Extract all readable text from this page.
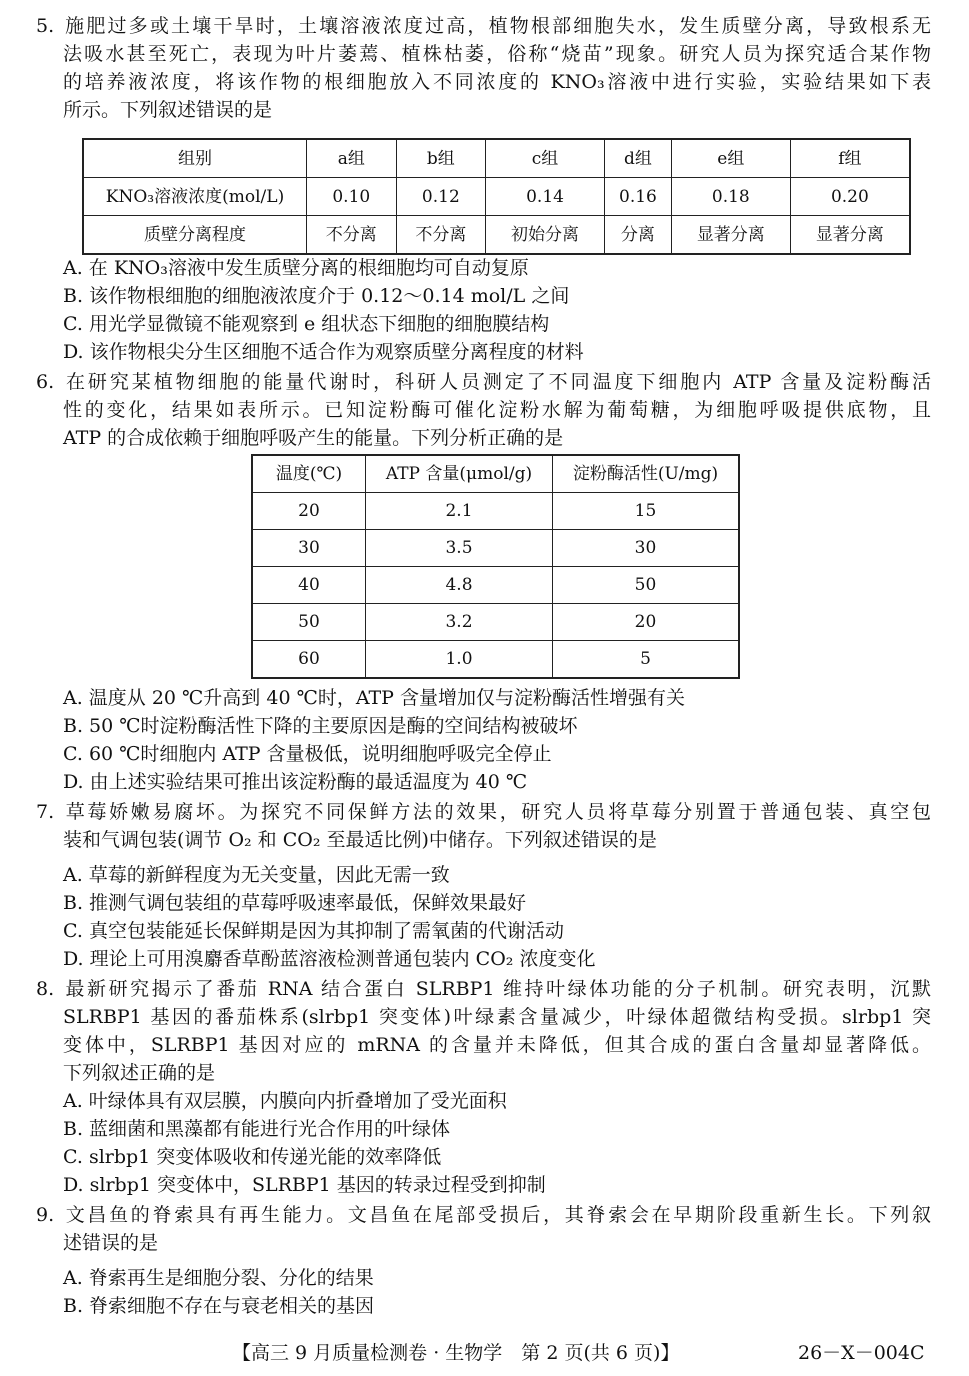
5. 施肥过多或土壤干旱时，土壤溶液浓度过高，植物根部细胞失水，发生质壁分离，导致根系无
法吸水甚至死亡，表现为叶片萎蔫、植株枯萎，俗称“烧苗”现象。研究人员为探究适合某作物
的培养液浓度，将该作物的根细胞放入不同浓度的 KNO₃溶液中进行实验，实验结果如下表
所示。下列叙述错误的是
组别	a组	b组	c组	d组	e组	f组
KNO₃溶液浓度(mol/L)	0.10	0.12	0.14	0.16	0.18	0.20
质壁分离程度	不分离	不分离	初始分离	分离	显著分离	显著分离
A. 在 KNO₃溶液中发生质壁分离的根细胞均可自动复原
B. 该作物根细胞的细胞液浓度介于 0.12～0.14 mol/L 之间
C. 用光学显微镜不能观察到 e 组状态下细胞的细胞膜结构
D. 该作物根尖分生区细胞不适合作为观察质壁分离程度的材料
6. 在研究某植物细胞的能量代谢时，科研人员测定了不同温度下细胞内 ATP 含量及淀粉酶活
性的变化，结果如表所示。已知淀粉酶可催化淀粉水解为葡萄糖，为细胞呼吸提供底物，且
ATP 的合成依赖于细胞呼吸产生的能量。下列分析正确的是
温度(℃)	ATP 含量(μmol/g)	淀粉酶活性(U/mg)
20	2.1	15
30	3.5	30
40	4.8	50
50	3.2	20
60	1.0	5
A. 温度从 20 ℃升高到 40 ℃时，ATP 含量增加仅与淀粉酶活性增强有关
B. 50 ℃时淀粉酶活性下降的主要原因是酶的空间结构被破坏
C. 60 ℃时细胞内 ATP 含量极低，说明细胞呼吸完全停止
D. 由上述实验结果可推出该淀粉酶的最适温度为 40 ℃
7. 草莓娇嫩易腐坏。为探究不同保鲜方法的效果，研究人员将草莓分别置于普通包装、真空包
装和气调包装(调节 O₂ 和 CO₂ 至最适比例)中储存。下列叙述错误的是
A. 草莓的新鲜程度为无关变量，因此无需一致
B. 推测气调包装组的草莓呼吸速率最低，保鲜效果最好
C. 真空包装能延长保鲜期是因为其抑制了需氧菌的代谢活动
D. 理论上可用溴麝香草酚蓝溶液检测普通包装内 CO₂ 浓度变化
8. 最新研究揭示了番茄 RNA 结合蛋白 SLRBP1 维持叶绿体功能的分子机制。研究表明，沉默
SLRBP1 基因的番茄株系(slrbp1 突变体)叶绿素含量减少，叶绿体超微结构受损。slrbp1 突
变体中，SLRBP1 基因对应的 mRNA 的含量并未降低，但其合成的蛋白含量却显著降低。
下列叙述正确的是
A. 叶绿体具有双层膜，内膜向内折叠增加了受光面积
B. 蓝细菌和黑藻都有能进行光合作用的叶绿体
C. slrbp1 突变体吸收和传递光能的效率降低
D. slrbp1 突变体中，SLRBP1 基因的转录过程受到抑制
9. 文昌鱼的脊索具有再生能力。文昌鱼在尾部受损后，其脊索会在早期阶段重新生长。下列叙
述错误的是
A. 脊索再生是细胞分裂、分化的结果
B. 脊索细胞不存在与衰老相关的基因
【高三 9 月质量检测卷 · 生物学　第 2 页(共 6 页)】	26－X－004C
